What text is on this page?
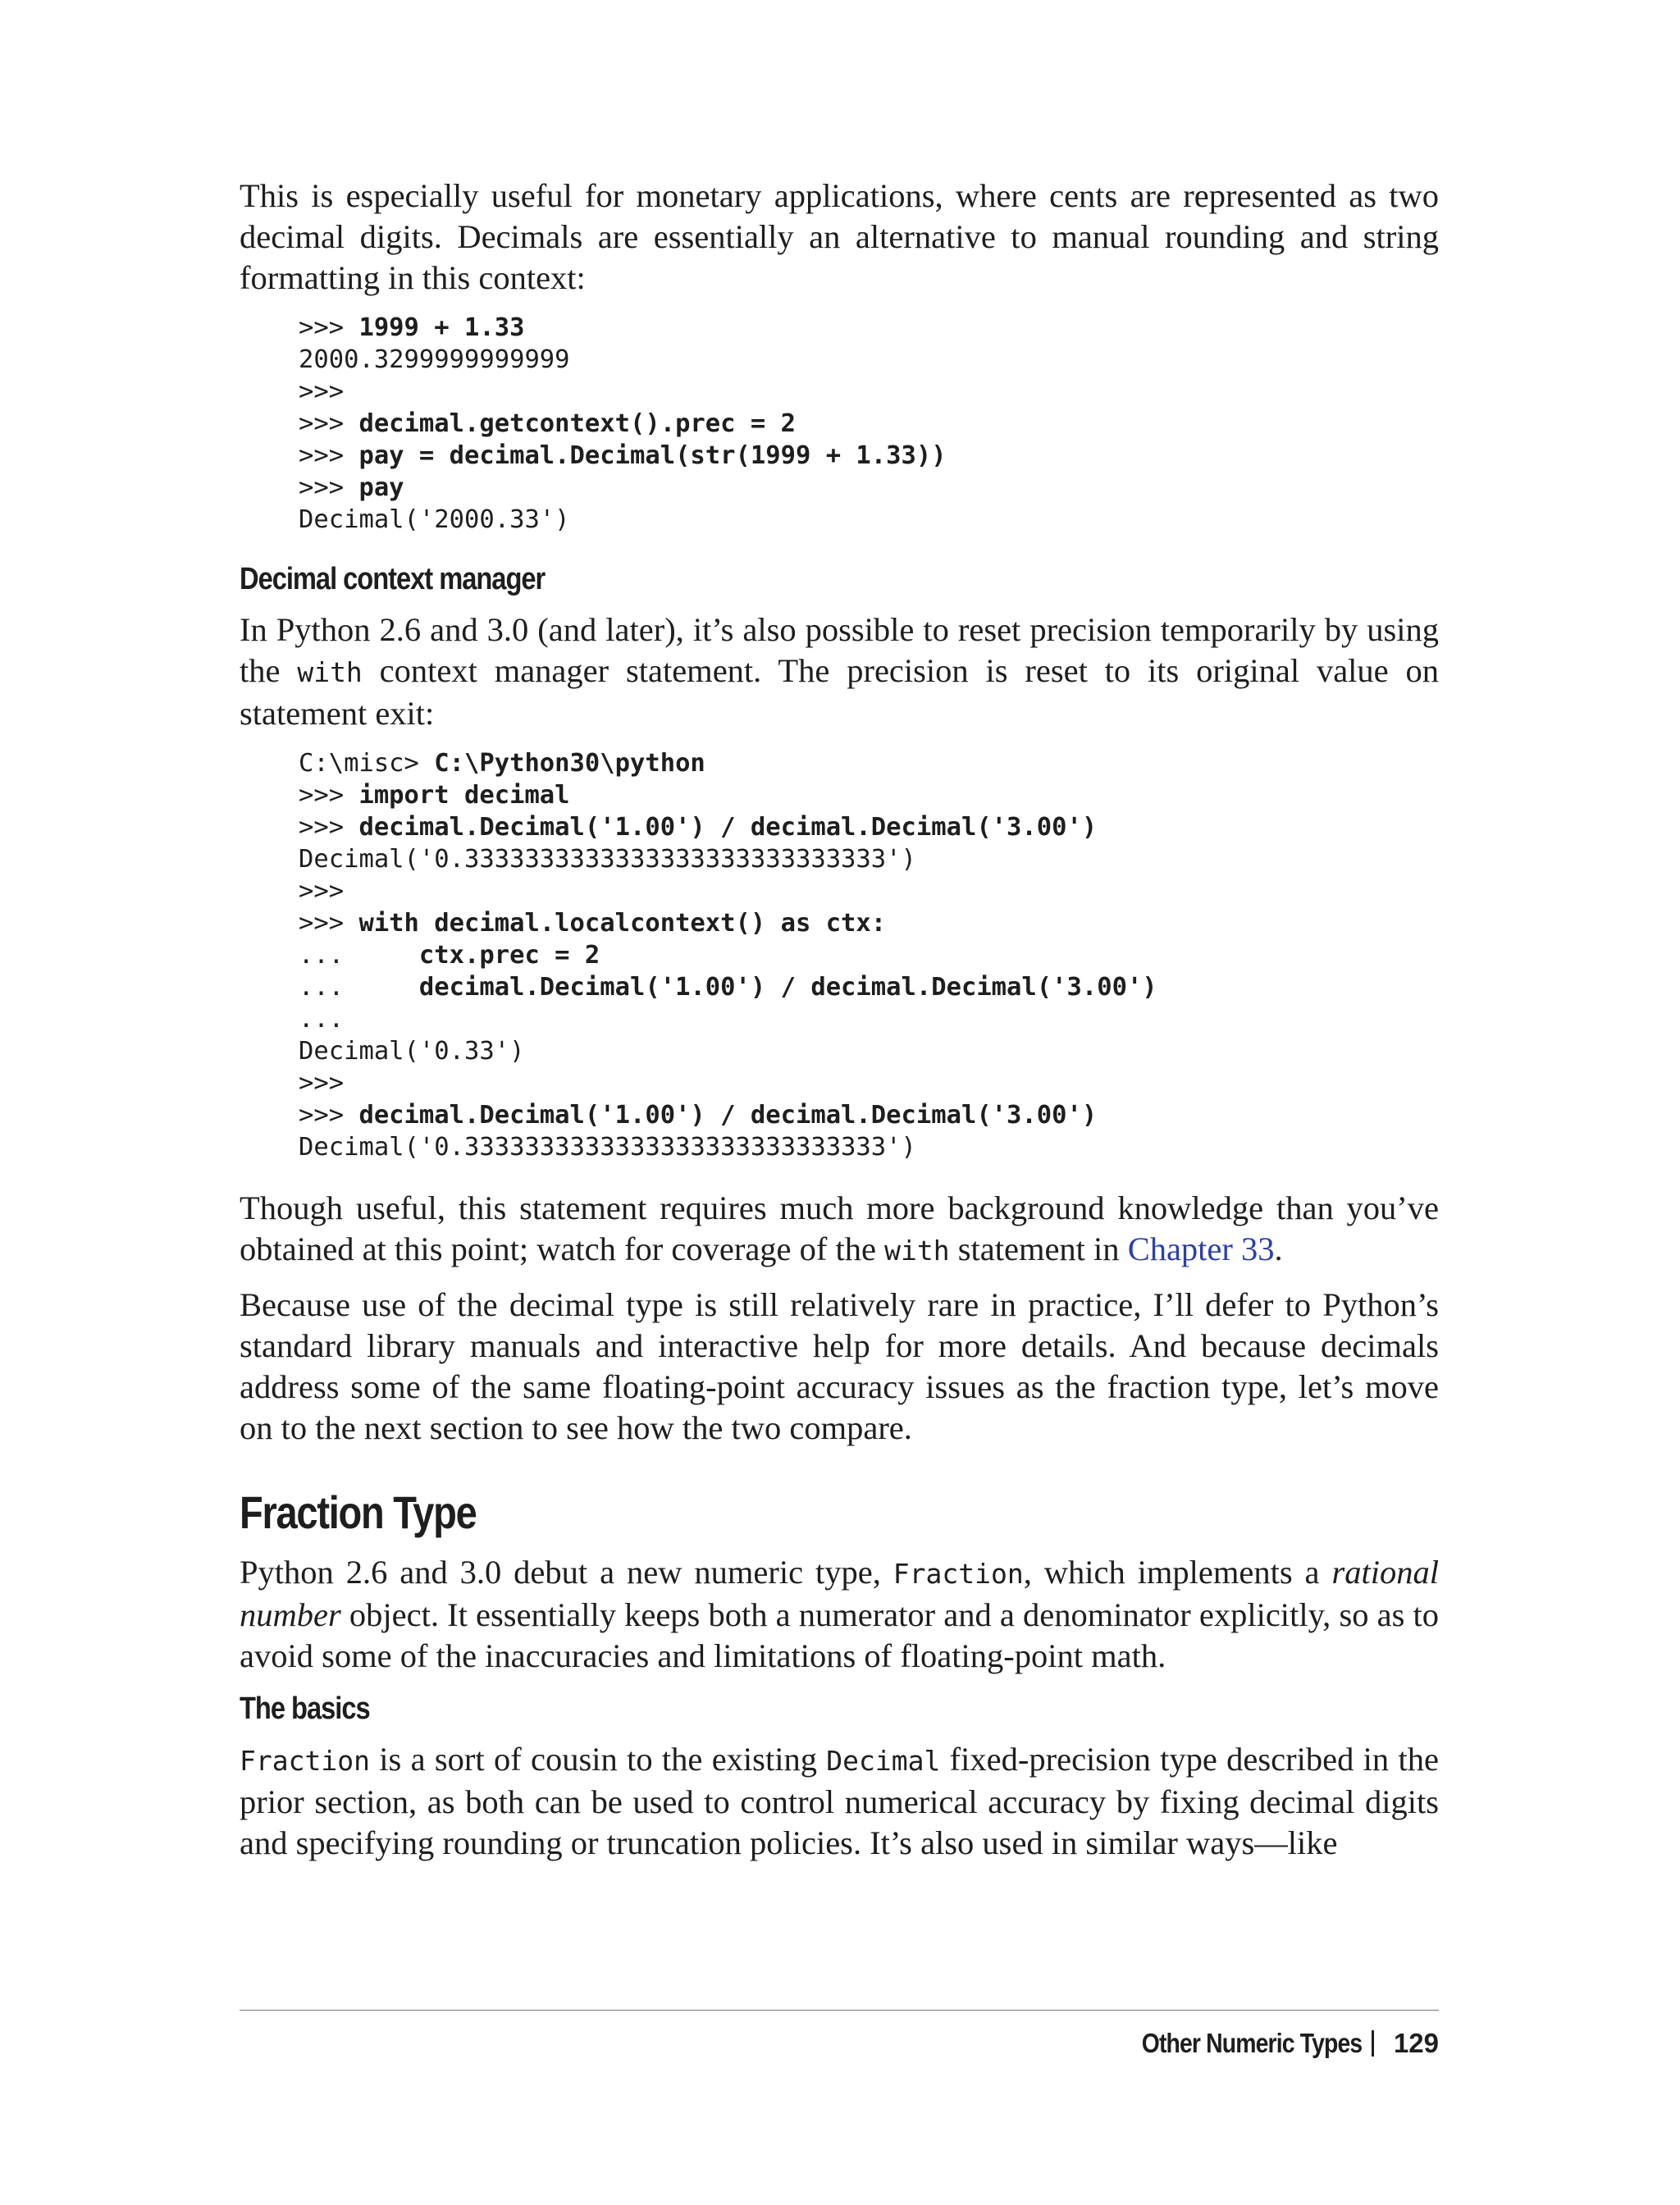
This is especially useful for monetary applications, where cents are represented as two decimal digits. Decimals are essentially an alternative to manual rounding and string formatting in this context:

>>> 1999 + 1.33
2000.3299999999999
>>>
>>> decimal.getcontext().prec = 2
>>> pay = decimal.Decimal(str(1999 + 1.33))
>>> pay
Decimal('2000.33')
Decimal context manager

In Python 2.6 and 3.0 (and later), it’s also possible to reset precision temporarily by using the with context manager statement. The precision is reset to its original value on statement exit:

C:\misc> C:\Python30\python
>>> import decimal
>>> decimal.Decimal('1.00') / decimal.Decimal('3.00')
Decimal('0.3333333333333333333333333333')
>>>
>>> with decimal.localcontext() as ctx:
...     ctx.prec = 2
...     decimal.Decimal('1.00') / decimal.Decimal('3.00')
...
Decimal('0.33')
>>>
>>> decimal.Decimal('1.00') / decimal.Decimal('3.00')
Decimal('0.3333333333333333333333333333')

Though useful, this statement requires much more background knowledge than you’ve obtained at this point; watch for coverage of the with statement in Chapter 33.

Because use of the decimal type is still relatively rare in practice, I’ll defer to Python’s standard library manuals and interactive help for more details. And because decimals address some of the same floating-point accuracy issues as the fraction type, let’s move on to the next section to see how the two compare.

Fraction Type

Python 2.6 and 3.0 debut a new numeric type, Fraction, which implements a rational number object. It essentially keeps both a numerator and a denominator explicitly, so as to avoid some of the inaccuracies and limitations of floating-point math.

The basics

Fraction is a sort of cousin to the existing Decimal fixed-precision type described in the prior section, as both can be used to control numerical accuracy by fixing decimal digits and specifying rounding or truncation policies. It’s also used in similar ways—like

Other Numeric Types 129
